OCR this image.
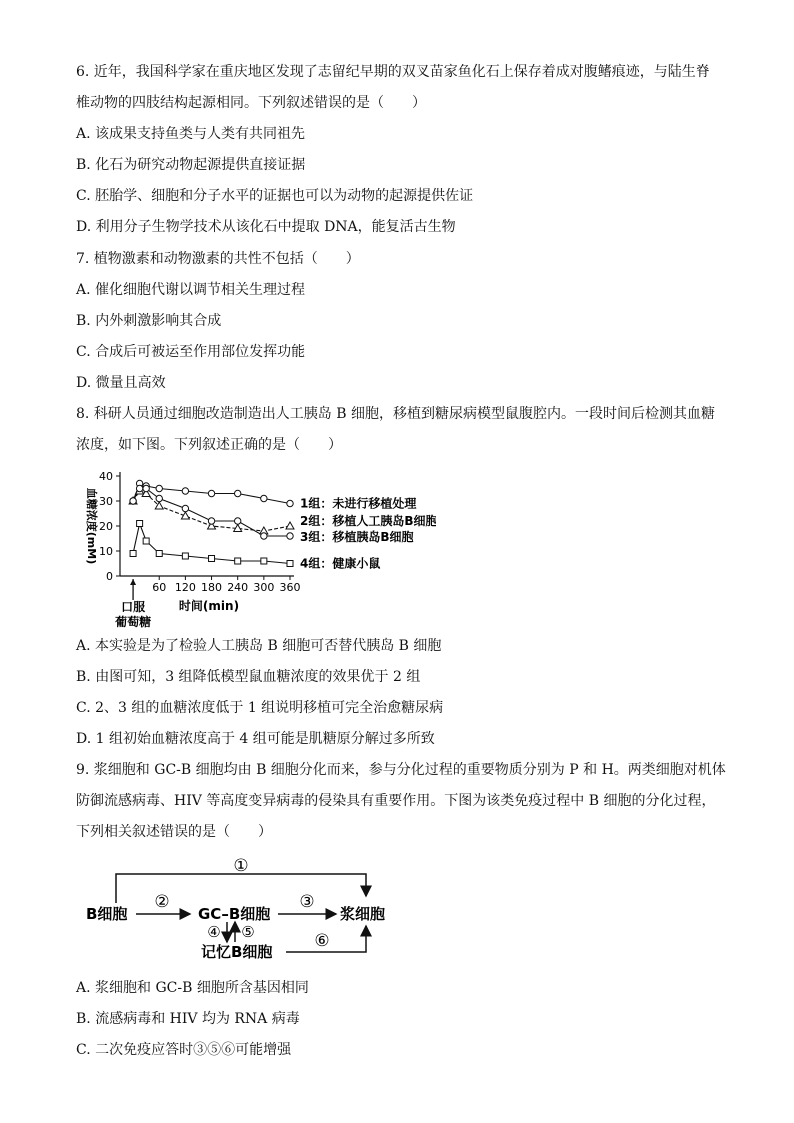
6. 近年，我国科学家在重庆地区发现了志留纪早期的双叉苗家鱼化石上保存着成对腹鳍痕迹，与陆生脊
椎动物的四肢结构起源相同。下列叙述错误的是（　　）
A. 该成果支持鱼类与人类有共同祖先
B. 化石为研究动物起源提供直接证据
C. 胚胎学、细胞和分子水平的证据也可以为动物的起源提供佐证
D. 利用分子生物学技术从该化石中提取 DNA，能复活古生物
7. 植物激素和动物激素的共性不包括（　　）
A. 催化细胞代谢以调节相关生理过程
B. 内外刺激影响其合成
C. 合成后可被运至作用部位发挥功能
D. 微量且高效
8. 科研人员通过细胞改造制造出人工胰岛 B 细胞，移植到糖尿病模型鼠腹腔内。一段时间后检测其血糖
浓度，如下图。下列叙述正确的是（　　）
0
10
20
30
40
60 120 180 240 300 360
口服
葡萄糖
时间(min)
血糖浓度(mM)	1组：未进行移植处理
2组：移植人工胰岛B细胞
3组：移植胰岛B细胞
4组：健康小鼠
A. 本实验是为了检验人工胰岛 B 细胞可否替代胰岛 B 细胞
B. 由图可知，3 组降低模型鼠血糖浓度的效果优于 2 组
C. 2、3 组的血糖浓度低于 1 组说明移植可完全治愈糖尿病
D. 1 组初始血糖浓度高于 4 组可能是肌糖原分解过多所致
9. 浆细胞和 GC-B 细胞均由 B 细胞分化而来，参与分化过程的重要物质分别为 P 和 H。两类细胞对机体
防御流感病毒、HIV 等高度变异病毒的侵染具有重要作用。下图为该类免疫过程中 B 细胞的分化过程，
下列相关叙述错误的是（　　）
①
B细胞
②
GC–B细胞
③
浆细胞
④ ⑤
记忆B细胞
⑥
A. 浆细胞和 GC-B 细胞所含基因相同
B. 流感病毒和 HIV 均为 RNA 病毒
C. 二次免疫应答时③⑤⑥可能增强
